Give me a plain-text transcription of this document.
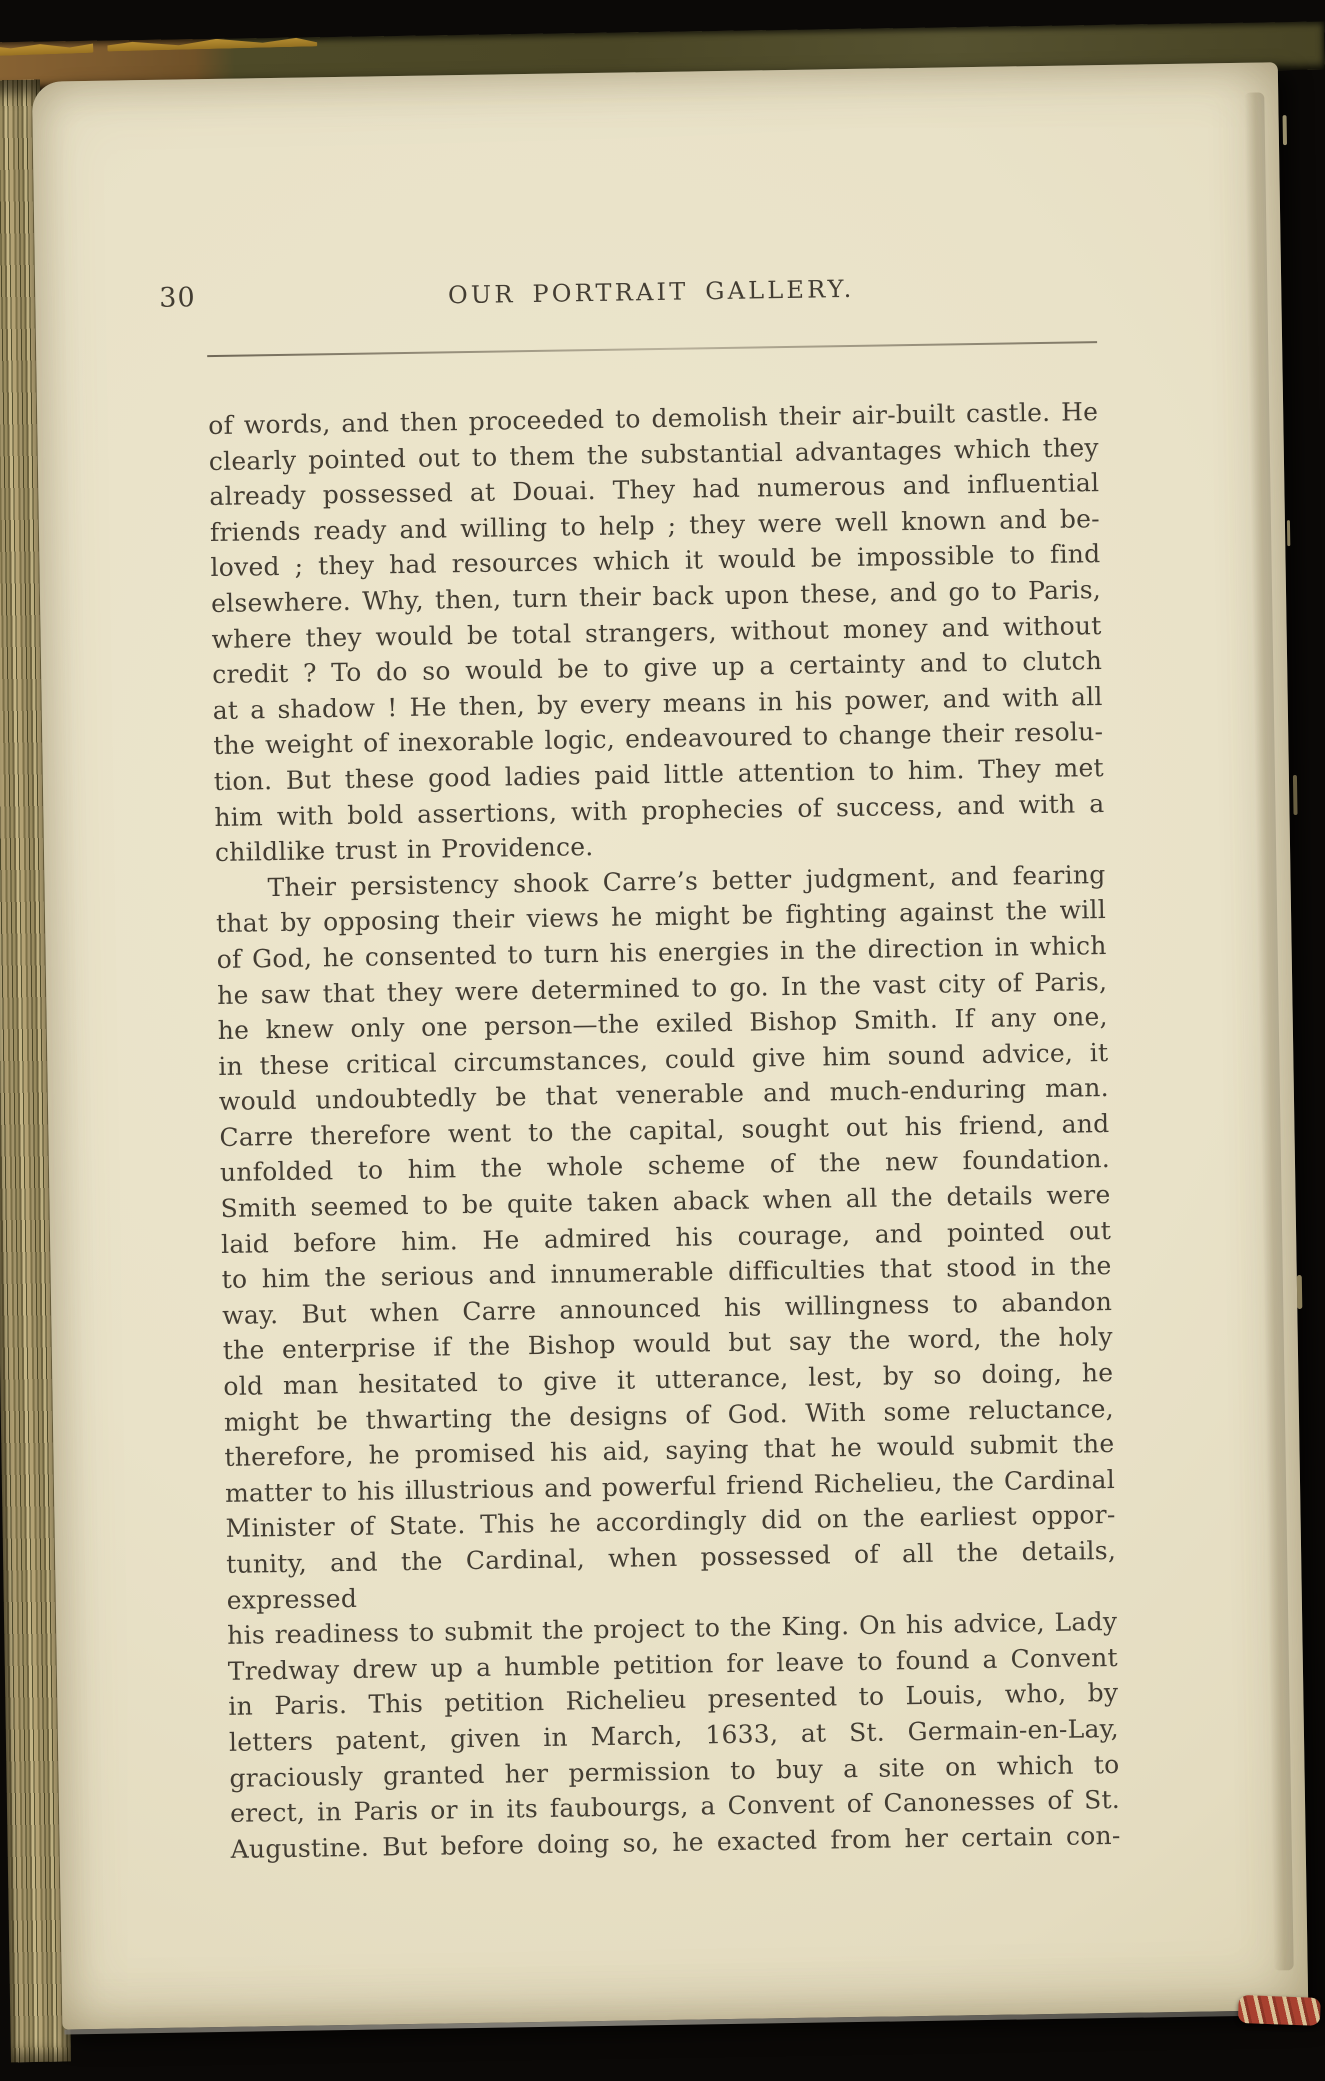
30	OUR PORTRAIT GALLERY.
of words, and then proceeded to demolish their air-built castle. He
clearly pointed out to them the substantial advantages which they
already possessed at Douai. They had numerous and influential
friends ready and willing to help ; they were well known and be-
loved ; they had resources which it would be impossible to find
elsewhere. Why, then, turn their back upon these, and go to Paris,
where they would be total strangers, without money and without
credit ? To do so would be to give up a certainty and to clutch
at a shadow ! He then, by every means in his power, and with all
the weight of inexorable logic, endeavoured to change their resolu-
tion. But these good ladies paid little attention to him. They met
him with bold assertions, with prophecies of success, and with a
childlike trust in Providence.
Their persistency shook Carre’s better judgment, and fearing
that by opposing their views he might be fighting against the will
of God, he consented to turn his energies in the direction in which
he saw that they were determined to go. In the vast city of Paris,
he knew only one person—the exiled Bishop Smith. If any one,
in these critical circumstances, could give him sound advice, it
would undoubtedly be that venerable and much-enduring man.
Carre therefore went to the capital, sought out his friend, and
unfolded to him the whole scheme of the new foundation.
Smith seemed to be quite taken aback when all the details were
laid before him. He admired his courage, and pointed out
to him the serious and innumerable difficulties that stood in the
way. But when Carre announced his willingness to abandon
the enterprise if the Bishop would but say the word, the holy
old man hesitated to give it utterance, lest, by so doing, he
might be thwarting the designs of God. With some reluctance,
therefore, he promised his aid, saying that he would submit the
matter to his illustrious and powerful friend Richelieu, the Cardinal
Minister of State. This he accordingly did on the earliest oppor-
tunity, and the Cardinal, when possessed of all the details, expressed
his readiness to submit the project to the King. On his advice, Lady
Tredway drew up a humble petition for leave to found a Convent
in Paris. This petition Richelieu presented to Louis, who, by
letters patent, given in March, 1633, at St. Germain-en-Lay,
graciously granted her permission to buy a site on which to
erect, in Paris or in its faubourgs, a Convent of Canonesses of St.
Augustine. But before doing so, he exacted from her certain con-
